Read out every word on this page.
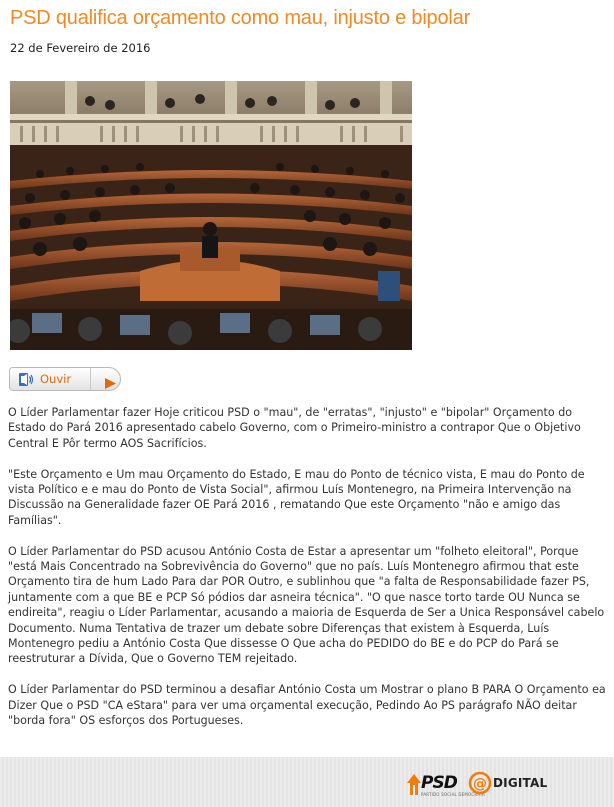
PSD qualifica orçamento como mau, injusto e bipolar
22 de Fevereiro de 2016
Ouvir

O Líder Parlamentar fazer Hoje criticou PSD o "mau", de "erratas", "injusto" e "bipolar" Orçamento do Estado do Pará 2016 apresentado cabelo Governo, com o Primeiro-ministro a contrapor Que o Objetivo Central E Pôr termo AOS Sacrifícios.

"Este Orçamento e Um mau Orçamento do Estado, E mau do Ponto de técnico vista, E mau do Ponto de vista Político e e mau do Ponto de Vista Social", afirmou Luís Montenegro, na Primeira Intervenção na Discussão na Generalidade fazer OE Pará 2016 , rematando Que este Orçamento "não e amigo das Famílias".

O Líder Parlamentar do PSD acusou António Costa de Estar a apresentar um "folheto eleitoral", Porque "está Mais Concentrado na Sobrevivência do Governo" que no país. Luís Montenegro afirmou that este Orçamento tira de hum Lado Para dar POR Outro, e sublinhou que "a falta de Responsabilidade fazer PS, juntamente com a que BE e PCP Só pódios dar asneira técnica". "O que nasce torto tarde OU Nunca se endireita", reagiu o Líder Parlamentar, acusando a maioria de Esquerda de Ser a Unica Responsável cabelo Documento. Numa Tentativa de trazer um debate sobre Diferenças that existem à Esquerda, Luís Montenegro pediu a António Costa Que dissesse O Que acha do PEDIDO do BE e do PCP do Pará se reestruturar a Dívida, Que o Governo TEM rejeitado.

O Líder Parlamentar do PSD terminou a desafiar António Costa um Mostrar o plano B PARA O Orçamento ea Dizer Que o PSD "CA eStara" para ver uma orçamental execução, Pedindo Ao PS parágrafo NÃO deitar "borda fora" OS esforços dos Portugueses.

PSD
PARTIDO SOCIAL DEMOCRATA
@ DIGITAL
